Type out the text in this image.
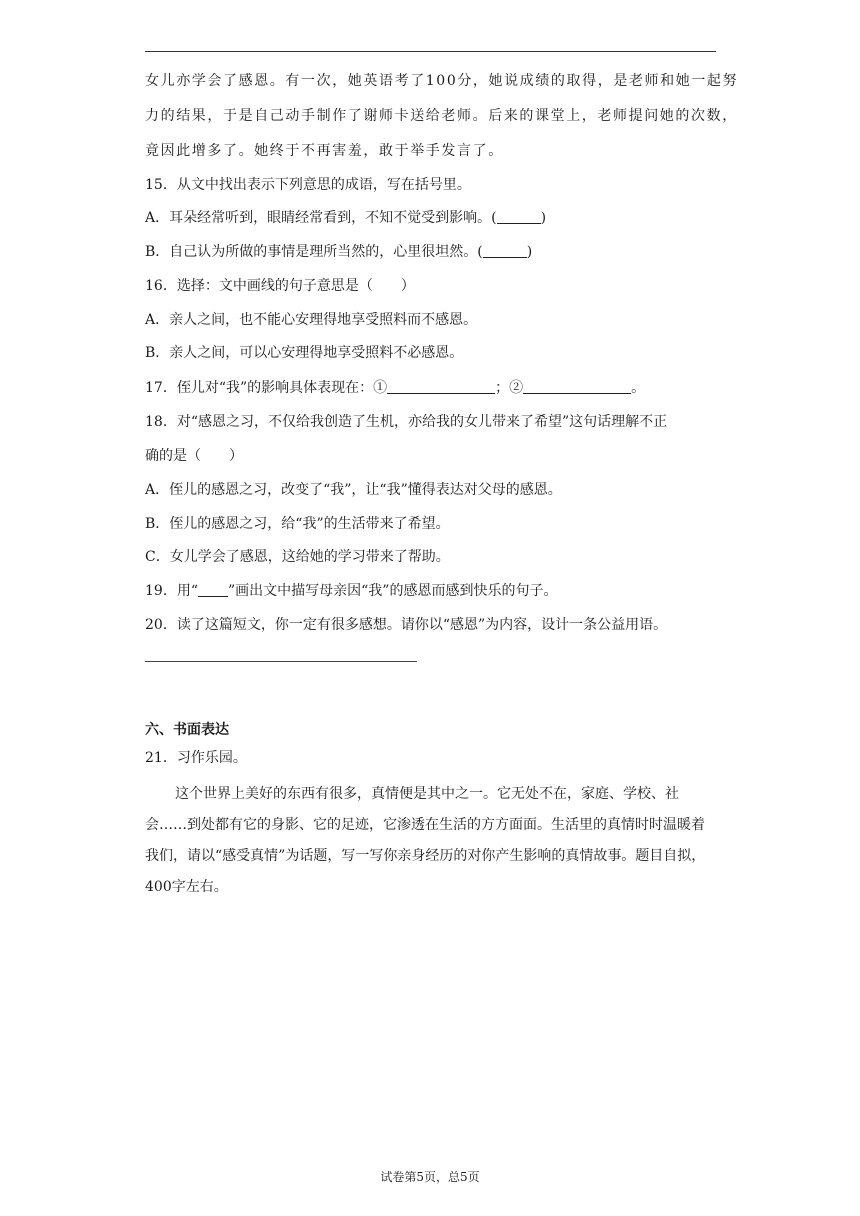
女儿亦学会了感恩。有一次，她英语考了100分，她说成绩的取得，是老师和她一起努
力的结果，于是自己动手制作了谢师卡送给老师。后来的课堂上，老师提问她的次数，
竟因此增多了。她终于不再害羞，敢于举手发言了。
15．从文中找出表示下列意思的成语，写在括号里。
A．耳朵经常听到，眼睛经常看到，不知不觉受到影响。(	)
B．自己认为所做的事情是理所当然的，心里很坦然。(	)
16．选择：文中画线的句子意思是（　　）
A．亲人之间，也不能心安理得地享受照料而不感恩。
B．亲人之间，可以心安理得地享受照料不必感恩。
17．侄儿对“我”的影响具体表现在：①	；②	。
18．对“感恩之习，不仅给我创造了生机，亦给我的女儿带来了希望”这句话理解不正
确的是（　　）
A．侄儿的感恩之习，改变了“我”，让“我”懂得表达对父母的感恩。
B．侄儿的感恩之习，给“我”的生活带来了希望。
C．女儿学会了感恩，这给她的学习带来了帮助。
19．用“ ”画出文中描写母亲因“我”的感恩而感到快乐的句子。
20．读了这篇短文，你一定有很多感想。请你以“感恩”为内容，设计一条公益用语。
六、书面表达
21．习作乐园。
这个世界上美好的东西有很多，真情便是其中之一。它无处不在，家庭、学校、社会……到处都有它的身影、它的足迹，它渗透在生活的方方面面。生活里的真情时时温暖着我们，请以“感受真情”为话题，写一写你亲身经历的对你产生影响的真情故事。题目自拟，400字左右。
试卷第5页，总5页
